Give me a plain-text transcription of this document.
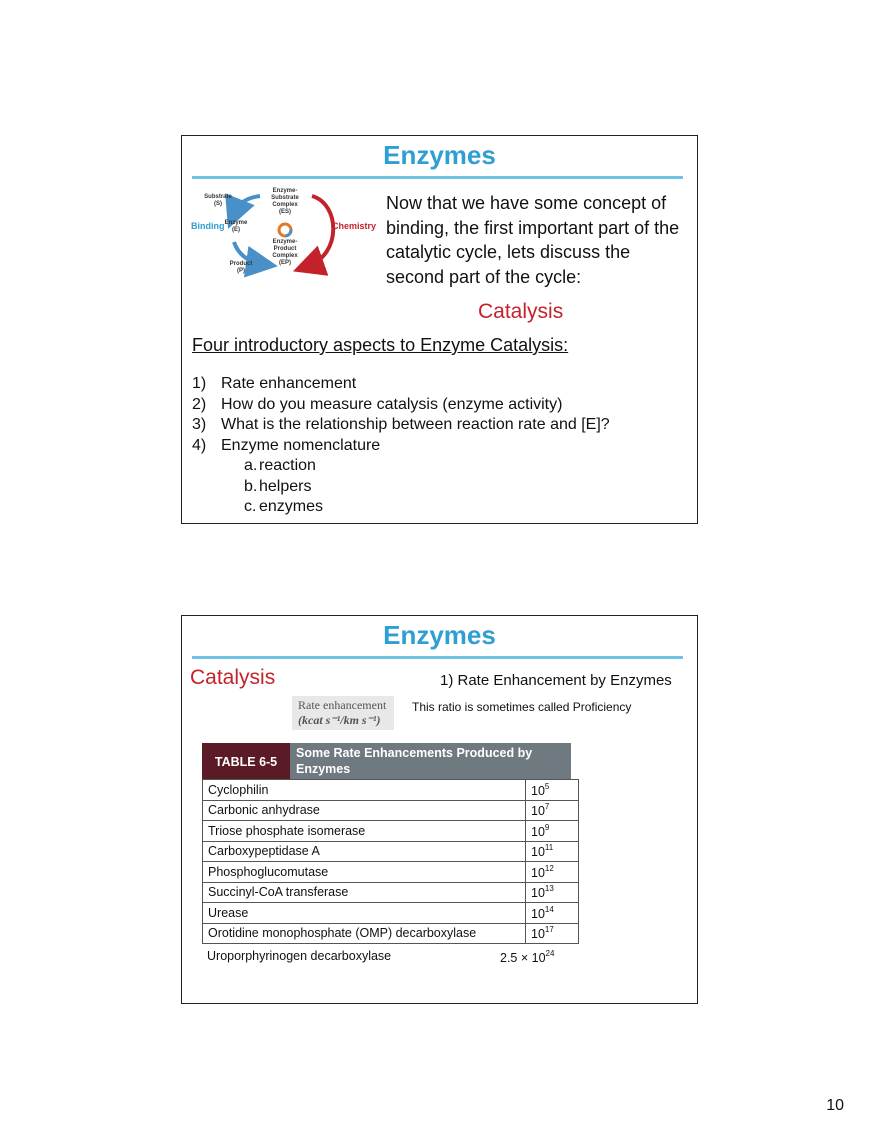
Enzymes
Substrate
(S)
Enzyme-Substrate
Complex
(ES)
Enzyme
(E)
Enzyme-Product
Complex
(EP)
Product
(P)
Binding	Chemistry
Now that we have some concept of binding, the first important part of the catalytic cycle, lets discuss the second part of the cycle:
Catalysis
Four introductory aspects to Enzyme Catalysis:
1) Rate enhancement
2) How do you measure catalysis (enzyme activity)
3) What is the relationship between reaction rate and [E]?
4) Enzyme nomenclature
a. reaction
b. helpers
c. enzymes
Enzymes
Catalysis	1) Rate Enhancement by Enzymes
Rate enhancement
(kcat s⁻¹/km s⁻¹)
This ratio is sometimes called Proficiency
TABLE 6-5
Some Rate Enhancements Produced by Enzymes
Cyclophilin	$10^5$
Carbonic anhydrase	$10^7$
Triose phosphate isomerase	$10^9$
Carboxypeptidase A	$10^{11}$
Phosphoglucomutase	$10^{12}$
Succinyl-CoA transferase	$10^{13}$
Urease	$10^{14}$
Orotidine monophosphate (OMP) decarboxylase	$10^{17}$
Uroporphyrinogen decarboxylase	$2.5 \times 10^{24}$
10
